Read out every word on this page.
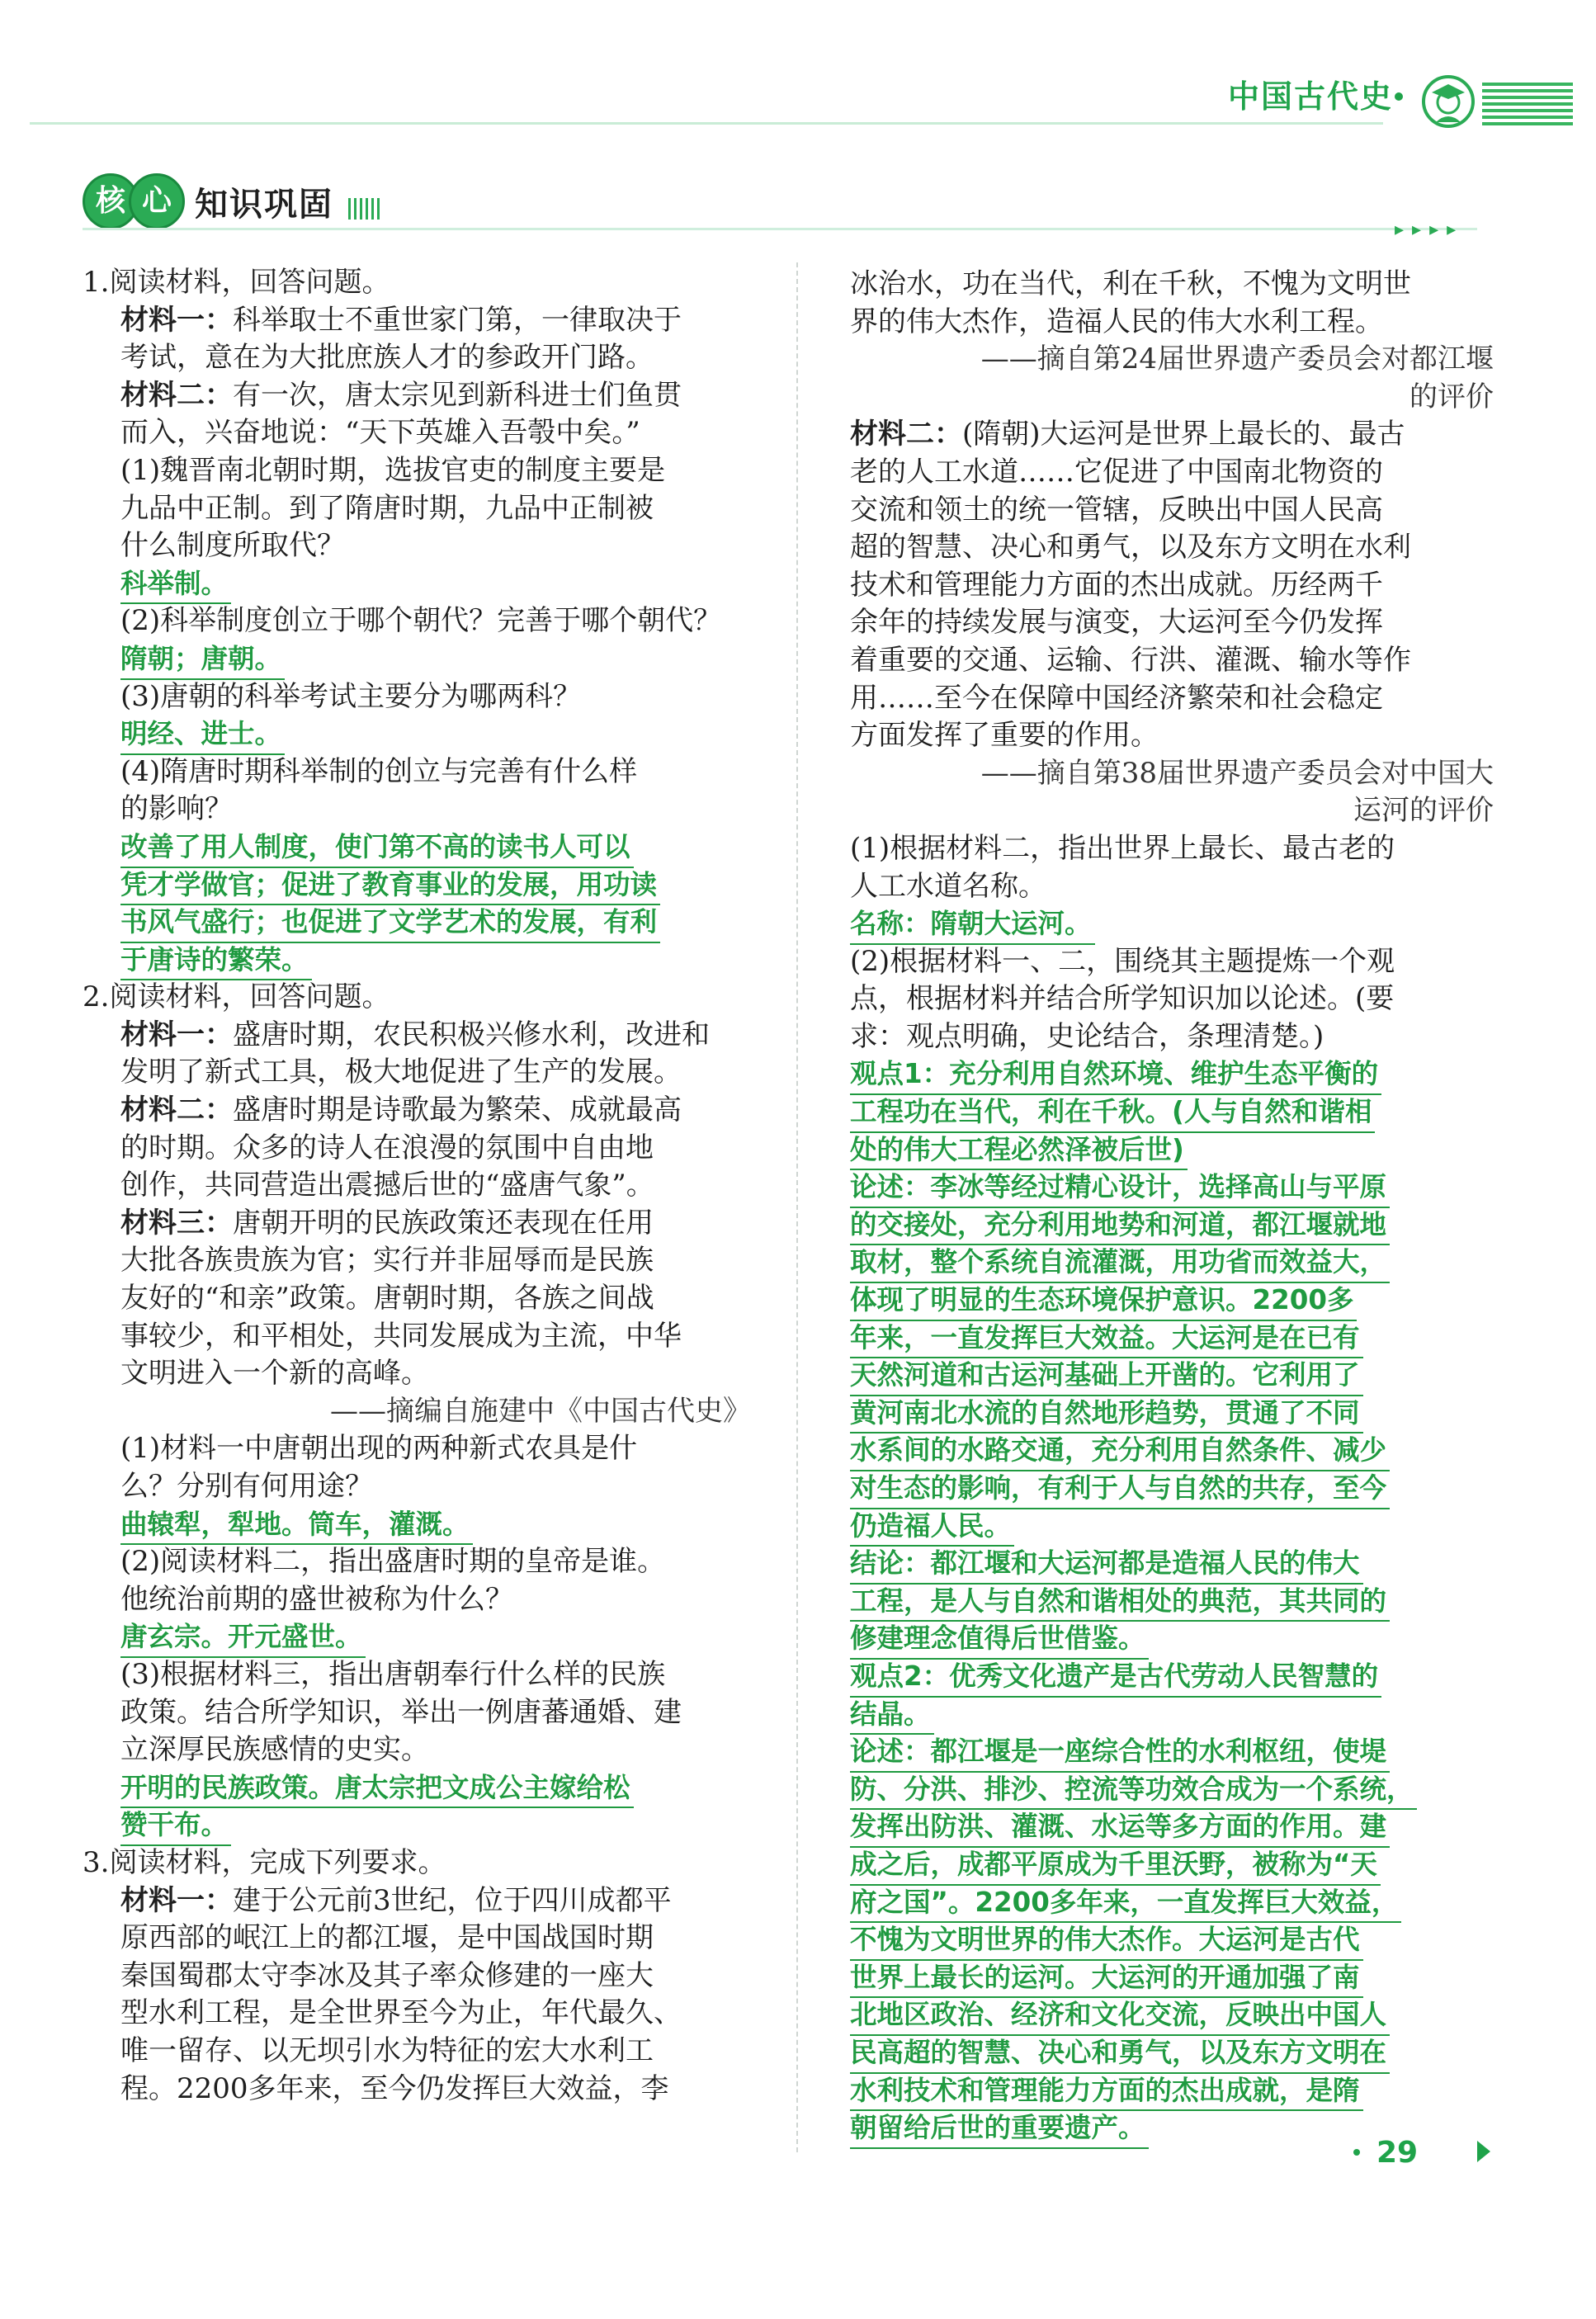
中国古代史
核 心 知识巩固
▸▸▸▸
1.阅读材料，回答问题。
材料一：科举取士不重世家门第，一律取决于
考试，意在为大批庶族人才的参政开门路。
材料二：有一次，唐太宗见到新科进士们鱼贯
而入，兴奋地说：“天下英雄入吾彀中矣。”
(1)魏晋南北朝时期，选拔官吏的制度主要是
九品中正制。到了隋唐时期，九品中正制被
什么制度所取代？
科举制。
(2)科举制度创立于哪个朝代？完善于哪个朝代？
隋朝；唐朝。
(3)唐朝的科举考试主要分为哪两科？
明经、进士。
(4)隋唐时期科举制的创立与完善有什么样
的影响？
改善了用人制度，使门第不高的读书人可以
凭才学做官；促进了教育事业的发展，用功读
书风气盛行；也促进了文学艺术的发展，有利
于唐诗的繁荣。
2.阅读材料，回答问题。
材料一：盛唐时期，农民积极兴修水利，改进和
发明了新式工具，极大地促进了生产的发展。
材料二：盛唐时期是诗歌最为繁荣、成就最高
的时期。众多的诗人在浪漫的氛围中自由地
创作，共同营造出震撼后世的“盛唐气象”。
材料三：唐朝开明的民族政策还表现在任用
大批各族贵族为官；实行并非屈辱而是民族
友好的“和亲”政策。唐朝时期，各族之间战
事较少，和平相处，共同发展成为主流，中华
文明进入一个新的高峰。
——摘编自施建中《中国古代史》
(1)材料一中唐朝出现的两种新式农具是什
么？分别有何用途？
曲辕犁，犁地。筒车，灌溉。
(2)阅读材料二，指出盛唐时期的皇帝是谁。
他统治前期的盛世被称为什么？
唐玄宗。开元盛世。
(3)根据材料三，指出唐朝奉行什么样的民族
政策。结合所学知识，举出一例唐蕃通婚、建
立深厚民族感情的史实。
开明的民族政策。唐太宗把文成公主嫁给松
赞干布。
3.阅读材料，完成下列要求。
材料一：建于公元前3世纪，位于四川成都平
原西部的岷江上的都江堰，是中国战国时期
秦国蜀郡太守李冰及其子率众修建的一座大
型水利工程，是全世界至今为止，年代最久、
唯一留存、以无坝引水为特征的宏大水利工
程。2200多年来，至今仍发挥巨大效益，李
冰治水，功在当代，利在千秋，不愧为文明世
界的伟大杰作，造福人民的伟大水利工程。
——摘自第24届世界遗产委员会对都江堰
的评价
材料二：(隋朝)大运河是世界上最长的、最古
老的人工水道……它促进了中国南北物资的
交流和领土的统一管辖，反映出中国人民高
超的智慧、决心和勇气，以及东方文明在水利
技术和管理能力方面的杰出成就。历经两千
余年的持续发展与演变，大运河至今仍发挥
着重要的交通、运输、行洪、灌溉、输水等作
用……至今在保障中国经济繁荣和社会稳定
方面发挥了重要的作用。
——摘自第38届世界遗产委员会对中国大
运河的评价
(1)根据材料二，指出世界上最长、最古老的
人工水道名称。
名称：隋朝大运河。
(2)根据材料一、二，围绕其主题提炼一个观
点，根据材料并结合所学知识加以论述。(要
求：观点明确，史论结合，条理清楚。)
观点1：充分利用自然环境、维护生态平衡的
工程功在当代，利在千秋。(人与自然和谐相
处的伟大工程必然泽被后世)
论述：李冰等经过精心设计，选择高山与平原
的交接处，充分利用地势和河道，都江堰就地
取材，整个系统自流灌溉，用功省而效益大，
体现了明显的生态环境保护意识。2200多
年来，一直发挥巨大效益。大运河是在已有
天然河道和古运河基础上开凿的。它利用了
黄河南北水流的自然地形趋势，贯通了不同
水系间的水路交通，充分利用自然条件、减少
对生态的影响，有利于人与自然的共存，至今
仍造福人民。
结论：都江堰和大运河都是造福人民的伟大
工程，是人与自然和谐相处的典范，其共同的
修建理念值得后世借鉴。
观点2：优秀文化遗产是古代劳动人民智慧的
结晶。
论述：都江堰是一座综合性的水利枢纽，使堤
防、分洪、排沙、控流等功效合成为一个系统，
发挥出防洪、灌溉、水运等多方面的作用。建
成之后，成都平原成为千里沃野，被称为“天
府之国”。2200多年来，一直发挥巨大效益，
不愧为文明世界的伟大杰作。大运河是古代
世界上最长的运河。大运河的开通加强了南
北地区政治、经济和文化交流，反映出中国人
民高超的智慧、决心和勇气，以及东方文明在
水利技术和管理能力方面的杰出成就，是隋
朝留给后世的重要遗产。
29
